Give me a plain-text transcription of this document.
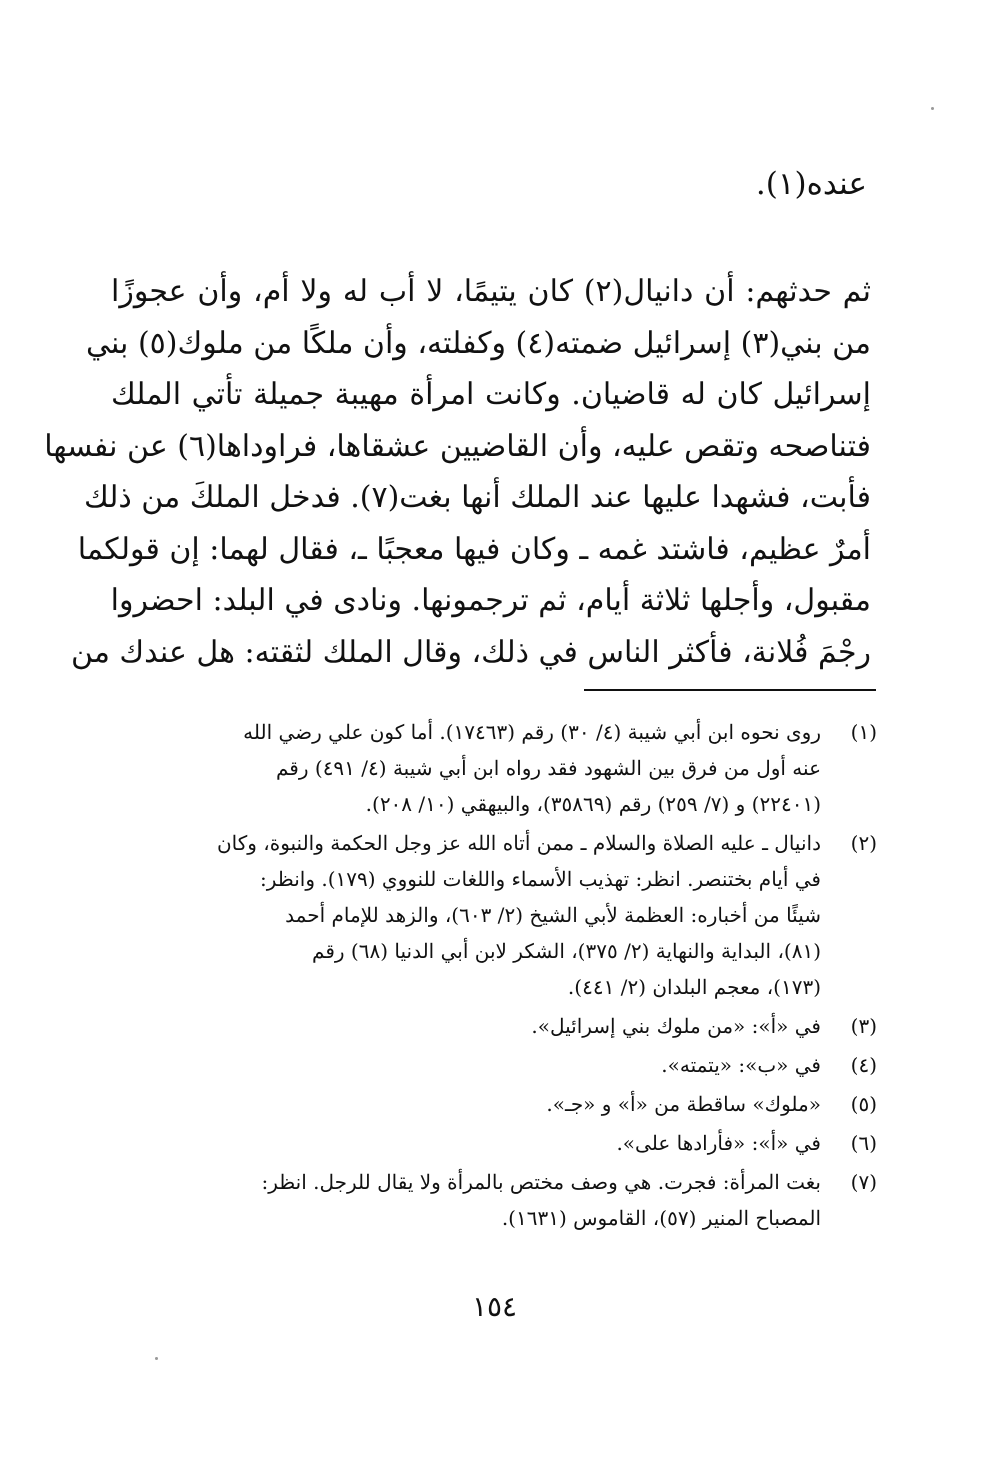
عنده(١).
ثم حدثهم: أن دانيال(٢) كان يتيمًا، لا أب له ولا أم، وأن عجوزًا
من بني(٣) إسرائيل ضمته(٤) وكفلته، وأن ملكًا من ملوك(٥) بني
إسرائيل كان له قاضيان. وكانت امرأة مهيبة جميلة تأتي الملك
فتناصحه وتقص عليه، وأن القاضيين عشقاها، فراوداها(٦) عن نفسها
فأبت، فشهدا عليها عند الملك أنها بغت(٧). فدخل الملكَ من ذلك
أمرٌ عظيم، فاشتد غمه ـ وكان فيها معجبًا ـ، فقال لهما: إن قولكما
مقبول، وأجلها ثلاثة أيام، ثم ترجمونها. ونادى في البلد: احضروا
رجْمَ فُلانة، فأكثر الناس في ذلك، وقال الملك لثقته: هل عندك من
(١)
روى نحوه ابن أبي شيبة (٤/ ٣٠) رقم (١٧٤٦٣). أما كون علي رضي الله
عنه أول من فرق بين الشهود فقد رواه ابن أبي شيبة (٤/ ٤٩١) رقم
(٢٢٤٠١) و (٧/ ٢٥٩) رقم (٣٥٨٦٩)، والبيهقي (١٠/ ٢٠٨).
(٢)
دانيال ـ عليه الصلاة والسلام ـ ممن أتاه الله عز وجل الحكمة والنبوة، وكان
في أيام بختنصر. انظر: تهذيب الأسماء واللغات للنووي (١٧٩). وانظر:
شيئًا من أخباره: العظمة لأبي الشيخ (٢/ ٦٠٣)، والزهد للإمام أحمد
(٨١)، البداية والنهاية (٢/ ٣٧٥)، الشكر لابن أبي الدنيا (٦٨) رقم
(١٧٣)، معجم البلدان (٢/ ٤٤١).
(٣)
في «أ»: «من ملوك بني إسرائيل».
(٤)
في «ب»: «يتمته».
(٥)
«ملوك» ساقطة من «أ» و «جـ».
(٦)
في «أ»: «فأرادها على».
(٧)
بغت المرأة: فجرت. هي وصف مختص بالمرأة ولا يقال للرجل. انظر:
المصباح المنير (٥٧)، القاموس (١٦٣١).
١٥٤
